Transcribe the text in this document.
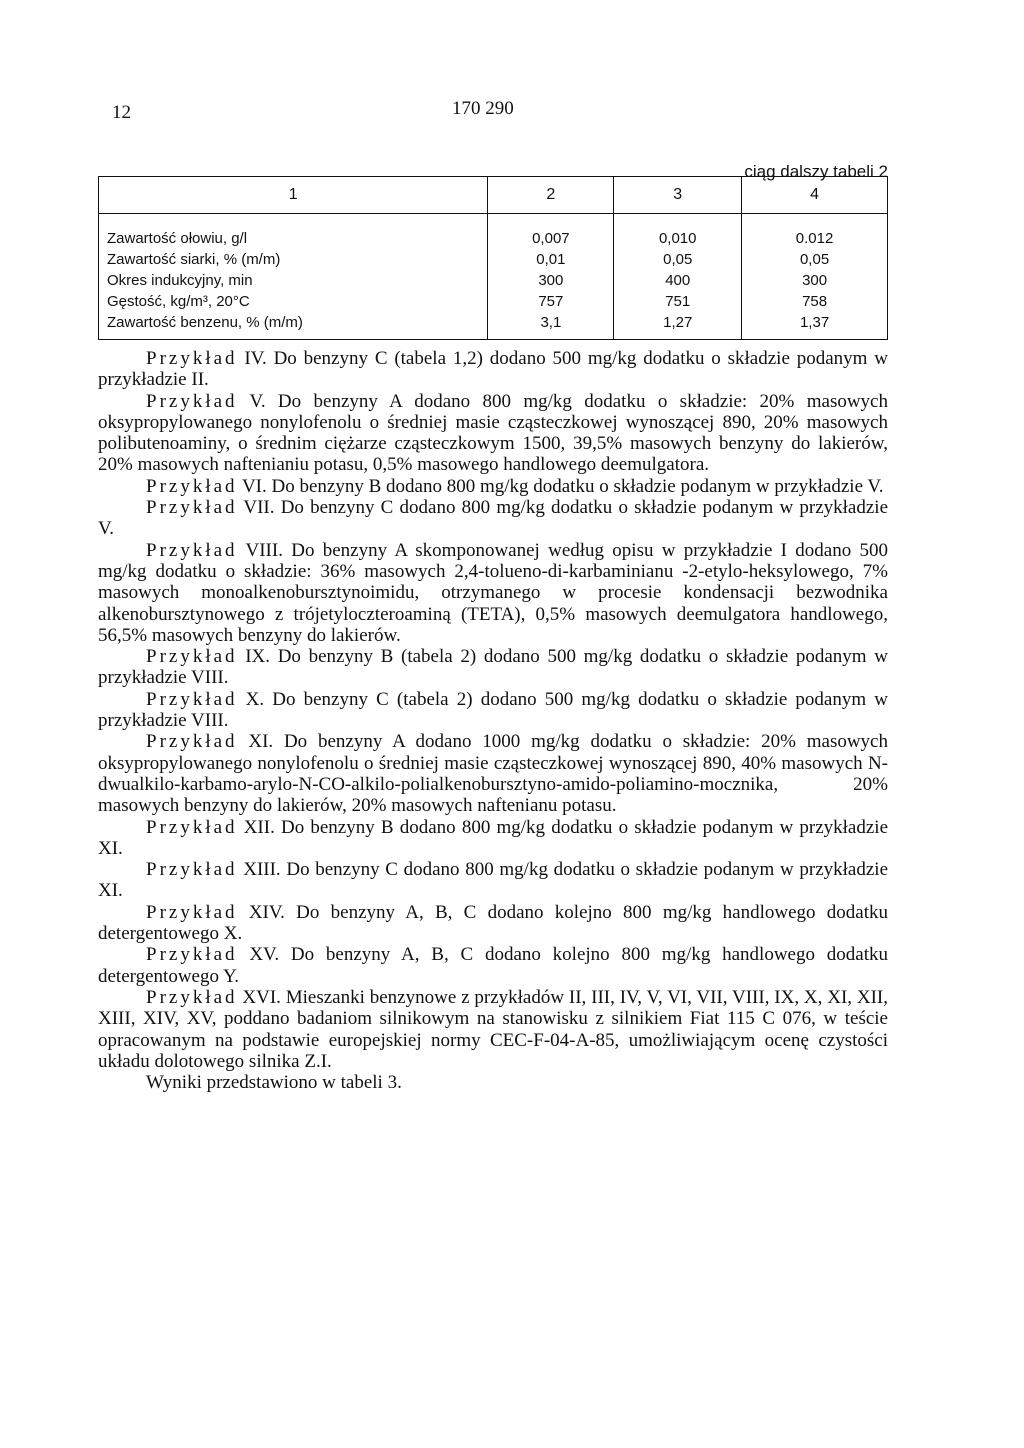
12	170 290
ciąg dalszy tabeli 2
1	2	3	4
Zawartość ołowiu, g/l	0,007	0,010	0.012
Zawartość siarki, % (m/m)	0,01	0,05	0,05
Okres indukcyjny, min	300	400	300
Gęstość, kg/m³, 20°C	757	751	758
Zawartość benzenu, % (m/m)	3,1	1,27	1,37

Przykład IV. Do benzyny C (tabela 1,2) dodano 500 mg/kg dodatku o składzie podanym w przykładzie II.

Przykład V. Do benzyny A dodano 800 mg/kg dodatku o składzie: 20% masowych oksypropylowanego nonylofenolu o średniej masie cząsteczkowej wynoszącej 890, 20% masowych polibutenoaminy, o średnim ciężarze cząsteczkowym 1500, 39,5% masowych benzyny do lakierów, 20% masowych naftenianiu potasu, 0,5% masowego handlowego deemulgatora.

Przykład VI. Do benzyny B dodano 800 mg/kg dodatku o składzie podanym w przykładzie V.

Przykład VII. Do benzyny C dodano 800 mg/kg dodatku o składzie podanym w przykładzie V.

Przykład VIII. Do benzyny A skomponowanej według opisu w przykładzie I dodano 500 mg/kg dodatku o składzie: 36% masowych 2,4-tolueno-di-karbaminianu -2-etylo-heksylowego, 7% masowych monoalkenobursztynoimidu, otrzymanego w procesie kondensacji bezwodnika alkenobursztynowego z trójetyloczteroaminą (TETA), 0,5% masowych deemulgatora handlowego, 56,5% masowych benzyny do lakierów.

Przykład IX. Do benzyny B (tabela 2) dodano 500 mg/kg dodatku o składzie podanym w przykładzie VIII.

Przykład X. Do benzyny C (tabela 2) dodano 500 mg/kg dodatku o składzie podanym w przykładzie VIII.

Przykład XI. Do benzyny A dodano 1000 mg/kg dodatku o składzie: 20% masowych oksypropylowanego nonylofenolu o średniej masie cząsteczkowej wynoszącej 890, 40% masowych N-dwualkilo-karbamo-arylo-N-CO-alkilo-polialkenobursztyno-amido-poliamino-mocznika, 20% masowych benzyny do lakierów, 20% masowych naftenianu potasu.

Przykład XII. Do benzyny B dodano 800 mg/kg dodatku o składzie podanym w przykładzie XI.

Przykład XIII. Do benzyny C dodano 800 mg/kg dodatku o składzie podanym w przykładzie XI.

Przykład XIV. Do benzyny A, B, C dodano kolejno 800 mg/kg handlowego dodatku detergentowego X.

Przykład XV. Do benzyny A, B, C dodano kolejno 800 mg/kg handlowego dodatku detergentowego Y.

Przykład XVI. Mieszanki benzynowe z przykładów II, III, IV, V, VI, VII, VIII, IX, X, XI, XII, XIII, XIV, XV, poddano badaniom silnikowym na stanowisku z silnikiem Fiat 115 C 076, w teście opracowanym na podstawie europejskiej normy CEC-F-04-A-85, umożliwiającym ocenę czystości układu dolotowego silnika Z.I.

Wyniki przedstawiono w tabeli 3.
